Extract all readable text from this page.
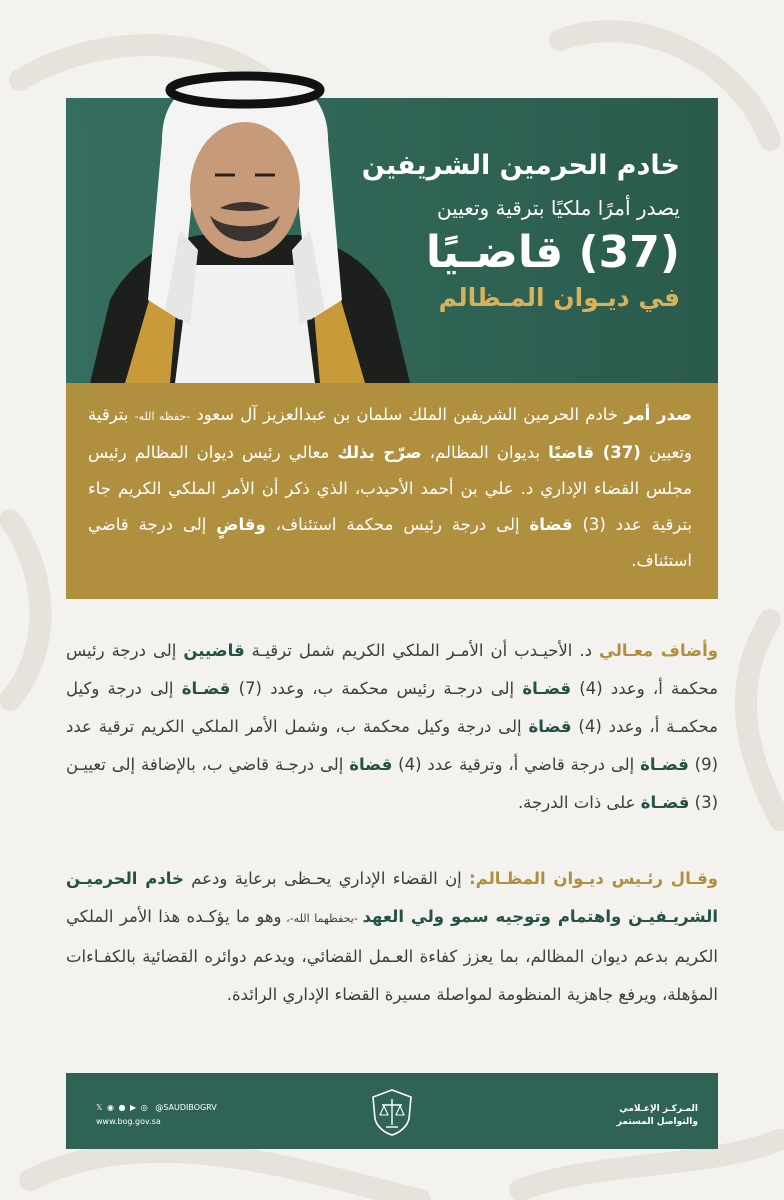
خادم الحرمين الشريفين
يصدر أمرًا ملكيًا بترقية وتعيين
(37) قاضـيًا
في ديـوان المـظالم
صدر أمر خادم الحرمين الشريفين الملك سلمان بن عبدالعزيز آل سعود -حفظه الله- بترقية وتعيين (37) قاضيًا بديوان المظالم، صرّح بذلك معالي رئيس ديوان المظالم رئيس مجلس القضاء الإداري د. علي بن أحمد الأحيدب، الذي ذكر أن الأمر الملكي الكريم جاء بترقية عدد (3) قضاة إلى درجة رئيس محكمة استئناف، وقاضٍ إلى درجة قاضي استئناف.
وأضاف معـالي د. الأحيـدب أن الأمـر الملكي الكريم شمل ترقيـة قاضيين إلى درجة رئيس محكمة أ، وعدد (4) قضـاة إلى درجـة رئيس محكمة ب، وعدد (7) قضـاة إلى درجة وكيل محكمـة أ، وعدد (4) قضاة إلى درجة وكيل محكمة ب، وشمل الأمر الملكي الكريم ترقية عدد (9) قضـاة إلى درجة قاضي أ، وترقية عدد (4) قضاة إلى درجـة قاضي ب، بالإضافة إلى تعييـن (3) قضـاة على ذات الدرجة.
وقـال رئـيس ديـوان المظـالم: إن القضاء الإداري يحـظى برعاية ودعم خادم الحرميـن الشريـفيـن واهتمام وتوجيه سمو ولي العهد -يحفظهما الله-، وهو ما يؤكـده هذا الأمر الملكي الكريم بدعم ديوان المظالم، بما يعزز كفاءة العـمل القضائي، ويدعم دوائره القضائية بالكفـاءات المؤهلة، ويرفع جاهزية المنظومة لمواصلة مسيرة القضاء الإداري الرائدة.
المـركـز الإعـلامي
والتواصل المستمر
𝕏 ◉ ● ▶ ◎ @SAUDIBOGRV
www.bog.gov.sa
